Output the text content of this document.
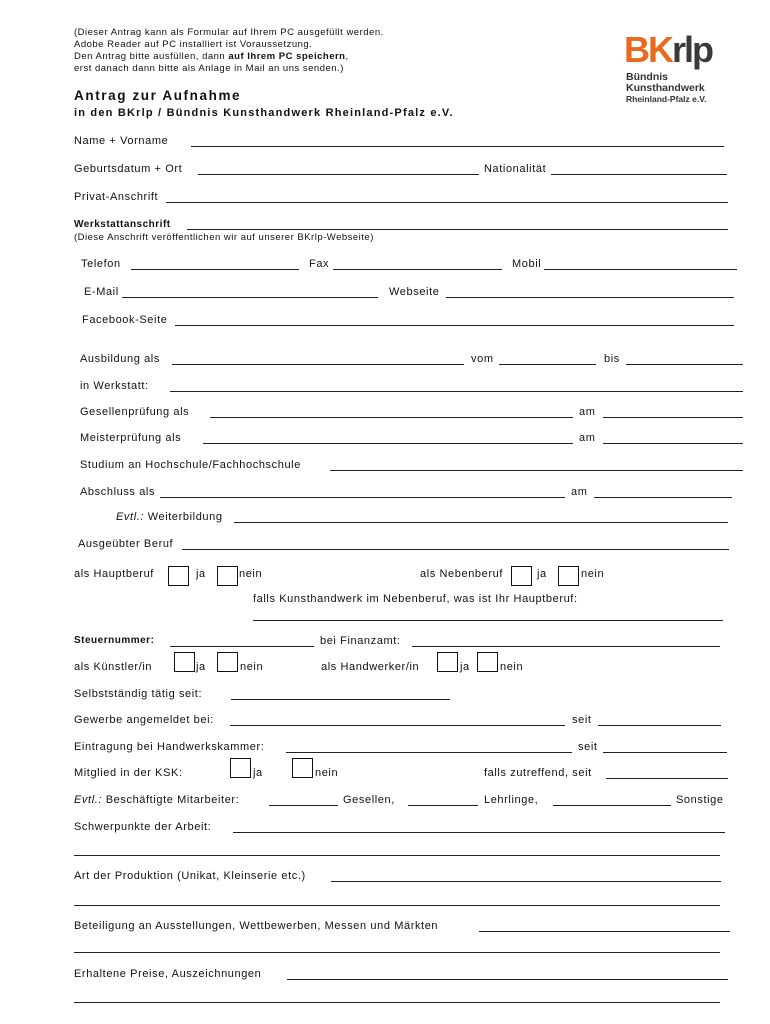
(Dieser Antrag kann als Formular auf Ihrem PC ausgefüllt werden.
Adobe Reader auf PC installiert ist Voraussetzung.
Den Antrag bitte ausfüllen, dann auf Ihrem PC speichern,
erst danach dann bitte als Anlage in Mail an uns senden.)	BKrlp
Bündnis
Kunsthandwerk
Rheinland-Pfalz e.V.
Antrag zur Aufnahme
in den BKrlp / Bündnis Kunsthandwerk Rheinland-Pfalz e.V.
Name + Vorname
Geburtsdatum + Ort	Nationalität
Privat-Anschrift
Werkstattanschrift
(Diese Anschrift veröffentlichen wir auf unserer BKrlp-Webseite)
Telefon	Fax	Mobil
E-Mail	Webseite
Facebook-Seite
Ausbildung als	vom	bis
in Werkstatt:
Gesellenprüfung als	am
Meisterprüfung als	am
Studium an Hochschule/Fachhochschule
Abschluss als	am
Evtl.: Weiterbildung
Ausgeübter Beruf
als Hauptberuf	ja	nein	als Nebenberuf	ja	nein
falls Kunsthandwerk im Nebenberuf, was ist Ihr Hauptberuf:
Steuernummer:	bei Finanzamt:
als Künstler/in	ja	nein	als Handwerker/in	ja	nein
Selbstständig tätig seit:
Gewerbe angemeldet bei:	seit
Eintragung bei Handwerkskammer:	seit
Mitglied in der KSK:	ja	nein	falls zutreffend, seit
Evtl.: Beschäftigte Mitarbeiter:	Gesellen,	Lehrlinge,	Sonstige
Schwerpunkte der Arbeit:
Art der Produktion (Unikat, Kleinserie etc.)
Beteiligung an Ausstellungen, Wettbewerben, Messen und Märkten
Erhaltene Preise, Auszeichnungen
